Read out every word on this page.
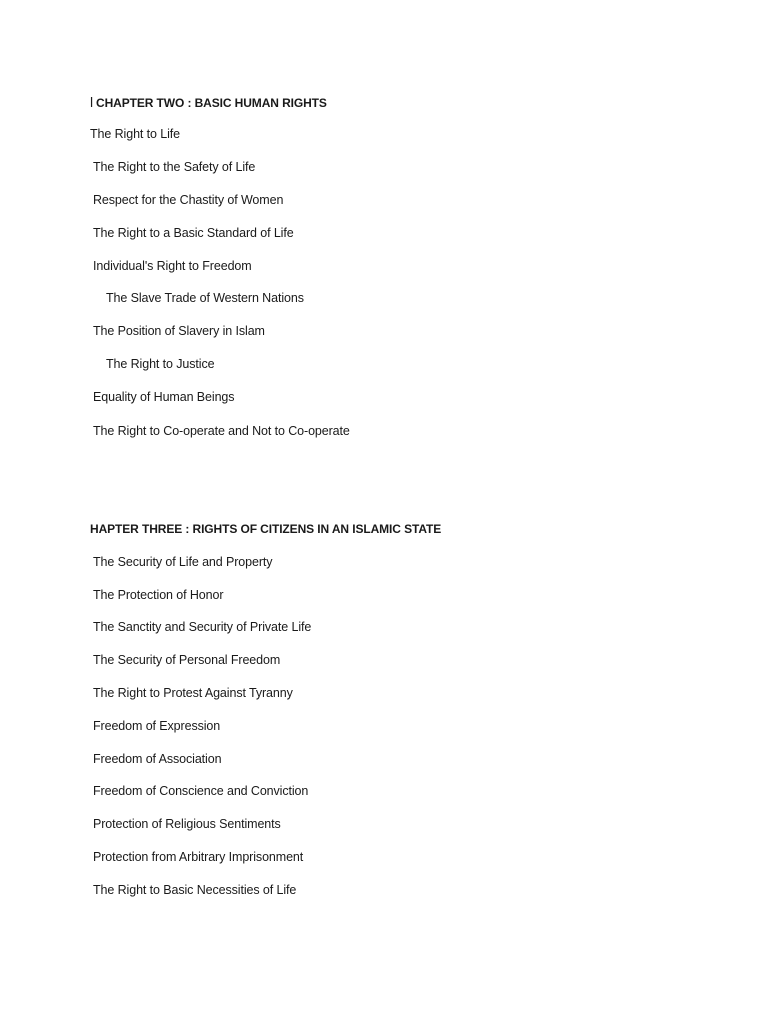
l CHAPTER TWO : BASIC HUMAN RIGHTS
The Right to Life
The Right to the Safety of Life
Respect for the Chastity of Women
The Right to a Basic Standard of Life
Individual's Right to Freedom
The Slave Trade of Western Nations
The Position of Slavery in Islam
The Right to Justice
Equality of Human Beings
The Right to Co-operate and Not to Co-operate
HAPTER THREE : RIGHTS OF CITIZENS IN AN ISLAMIC STATE
The Security of Life and Property
The Protection of Honor
The Sanctity and Security of Private Life
The Security of Personal Freedom
The Right to Protest Against Tyranny
Freedom of Expression
Freedom of Association
Freedom of Conscience and Conviction
Protection of Religious Sentiments
Protection from Arbitrary Imprisonment
The Right to Basic Necessities of Life
